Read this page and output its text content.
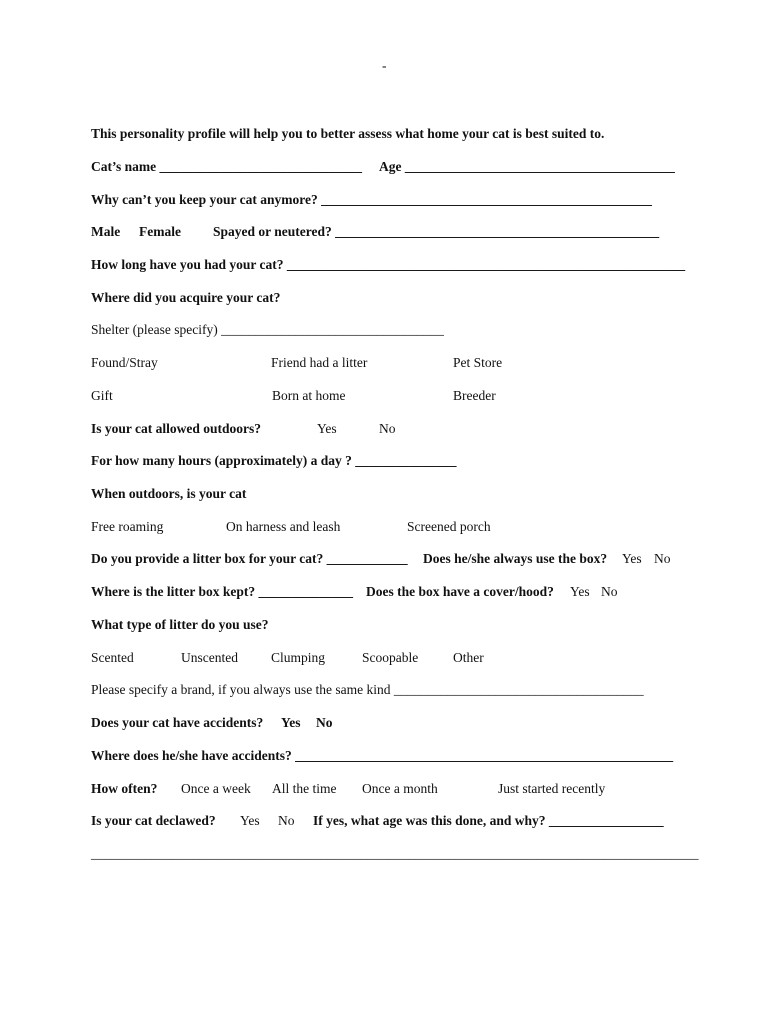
-
This personality profile will help you to better assess what home your cat is best suited to.
Cat’s name ______________________________ Age ________________________________________
Why can’t you keep your cat anymore? _________________________________________________
Male Female Spayed or neutered? ________________________________________________
How long have you had your cat? ___________________________________________________________
Where did you acquire your cat?
Shelter (please specify) _________________________________
Found/Stray	Friend had a litter	Pet Store
Gift	Born at home	Breeder
Is your cat allowed outdoors?	Yes	No
For how many hours (approximately) a day ? _______________
When outdoors, is your cat
Free roaming	On harness and leash	Screened porch
Do you provide a litter box for your cat? ____________ Does he/she always use the box? Yes No
Where is the litter box kept? ______________ Does the box have a cover/hood? Yes No
What type of litter do you use?
Scented	Unscented Clumping	Scoopable	Other
Please specify a brand, if you always use the same kind _____________________________________
Does your cat have accidents? Yes No
Where does he/she have accidents? ________________________________________________________
How often? Once a week All the time Once a month	Just started recently
Is your cat declawed? Yes No If yes, what age was this done, and why? _________________
__________________________________________________________________________________________
